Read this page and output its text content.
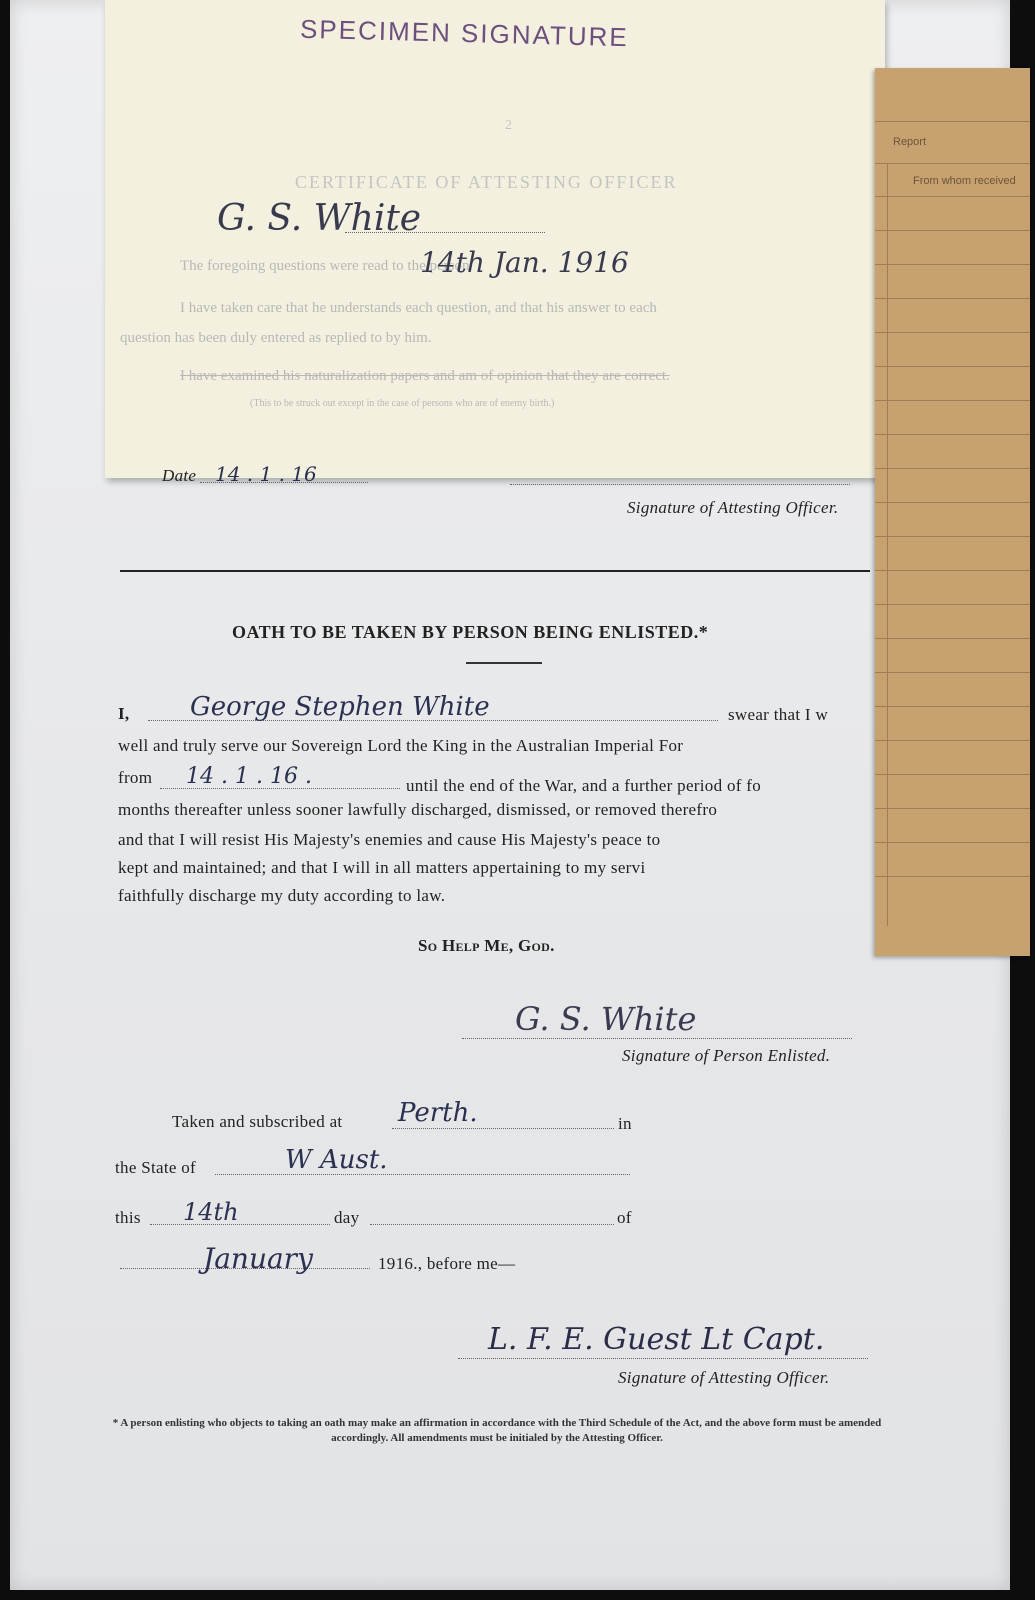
SPECIMEN SIGNATURE
2
CERTIFICATE OF ATTESTING OFFICER
G. S. White
The foregoing questions were read to the person
14th Jan. 1916
I have taken care that he understands each question, and that his answer to each
question has been duly entered as replied to by him.
I have examined his naturalization papers and am of opinion that they are correct.
(This to be struck out except in the case of persons who are of enemy birth.)
Date 14 . 1 . 16
Signature of Attesting Officer.
Report
From whom received
OATH TO BE TAKEN BY PERSON BEING ENLISTED.*
I, George Stephen White	swear that I w
well and truly serve our Sovereign Lord the King in the Australian Imperial For
from 14 . 1 . 16 .	until the end of the War, and a further period of fo
months thereafter unless sooner lawfully discharged, dismissed, or removed therefro
and that I will resist His Majesty's enemies and cause His Majesty's peace to
kept and maintained; and that I will in all matters appertaining to my servi
faithfully discharge my duty according to law.
So Help Me, God.
G. S. White
Signature of Person Enlisted.
Taken and subscribed at Perth.	in
the State of	W Aust.
this 14th	day	of
January	1916., before me—
L. F. E. Guest Lt Capt.
Signature of Attesting Officer.
* A person enlisting who objects to taking an oath may make an affirmation in accordance with the Third Schedule of the Act, and the above form must be amended accordingly. All amendments must be initialed by the Attesting Officer.
